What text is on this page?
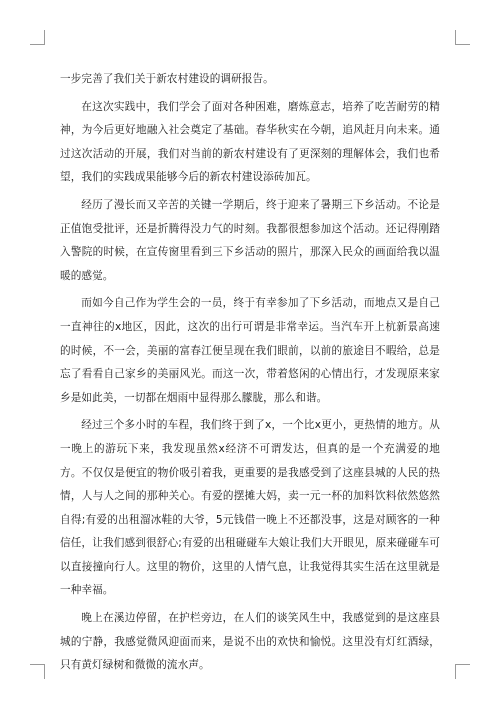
一步完善了我们关于新农村建设的调研报告。

在这次实践中，我们学会了面对各种困难，磨炼意志，培养了吃苦耐劳的精神，为今后更好地融入社会奠定了基础。春华秋实在今朝，追风赶月向未来。通过这次活动的开展，我们对当前的新农村建设有了更深刻的理解体会，我们也希望，我们的实践成果能够今后的新农村建设添砖加瓦。

经历了漫长而又辛苦的关键一学期后，终于迎来了暑期三下乡活动。不论是正值饱受批评，还是折腾得没力气的时刻。我都很想参加这个活动。还记得刚踏入警院的时候，在宣传窗里看到三下乡活动的照片，那深入民众的画面给我以温暖的感觉。

而如今自己作为学生会的一员，终于有幸参加了下乡活动，而地点又是自己一直神往的x地区，因此，这次的出行可谓是非常幸运。当汽车开上杭新景高速的时候，不一会，美丽的富春江便呈现在我们眼前，以前的旅途目不暇给，总是忘了看看自己家乡的美丽风光。而这一次，带着悠闲的心情出行，才发现原来家乡是如此美，一切都在烟雨中显得那么朦胧，那么和谐。

经过三个多小时的车程，我们终于到了x，一个比x更小，更热情的地方。从一晚上的游玩下来，我发现虽然x经济不可谓发达，但真的是一个充满爱的地方。不仅仅是便宜的物价吸引着我，更重要的是我感受到了这座县城的人民的热情，人与人之间的那种关心。有爱的摆摊大妈，卖一元一杯的加料饮料依然悠然自得;有爱的出租溜冰鞋的大爷，5元钱借一晚上不还都没事，这是对顾客的一种信任，让我们感到很舒心;有爱的出租碰碰车大娘让我们大开眼见，原来碰碰车可以直接撞向行人。这里的物价，这里的人情气息，让我觉得其实生活在这里就是一种幸福。

晚上在溪边停留，在护栏旁边，在人们的谈笑风生中，我感觉到的是这座县城的宁静，我感觉微风迎面而来，是说不出的欢快和愉悦。这里没有灯红酒绿，只有黄灯绿树和微微的流水声。
